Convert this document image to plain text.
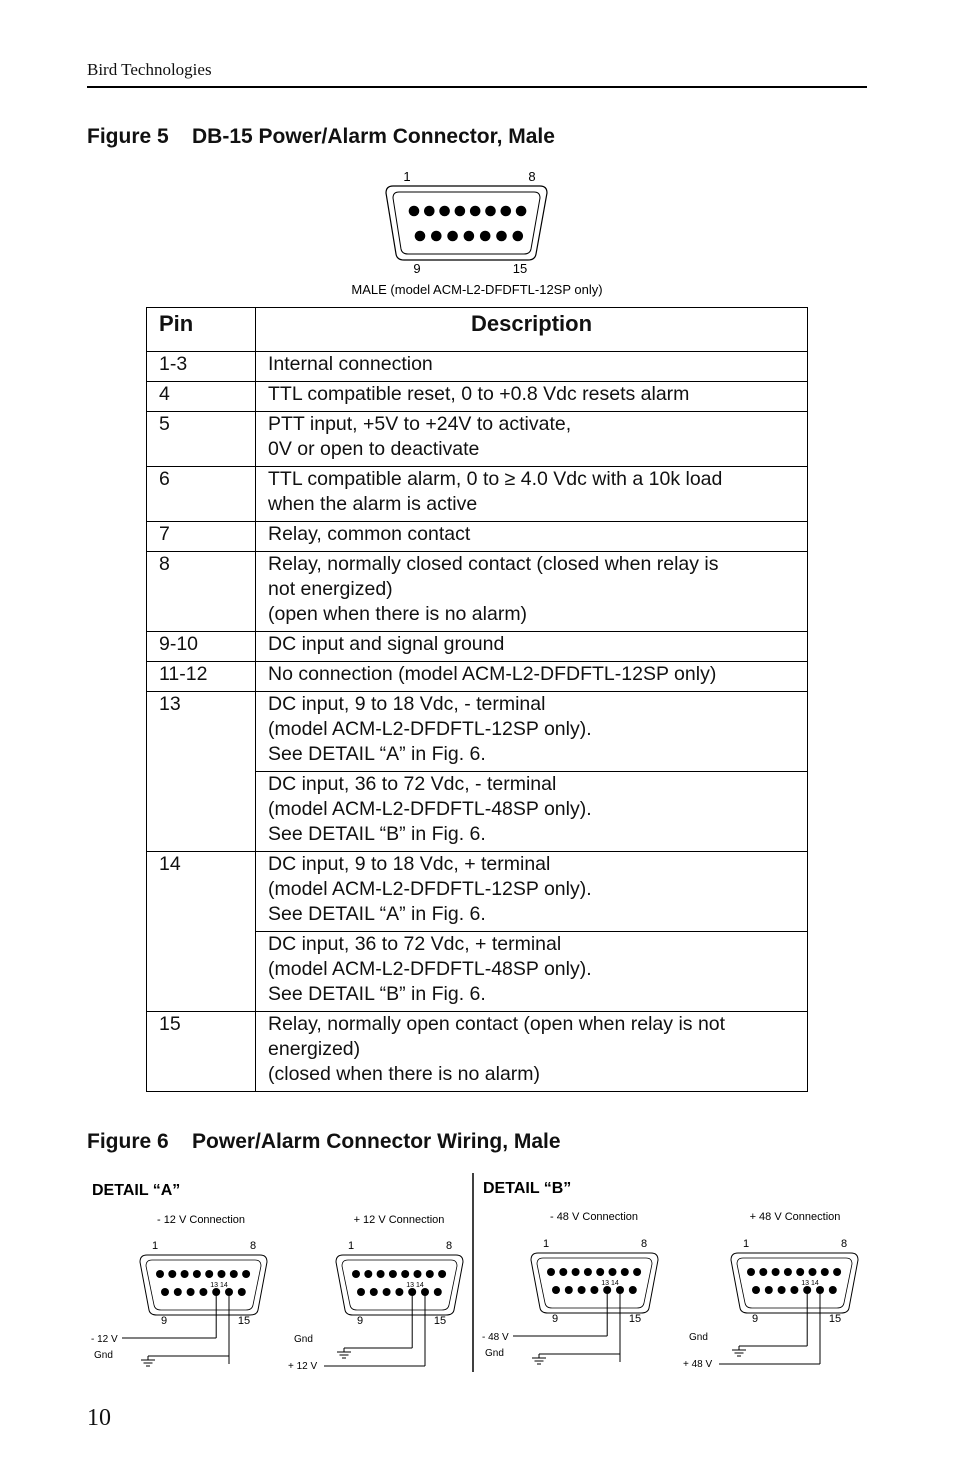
Bird Technologies
Figure 5    DB-15 Power/Alarm Connector, Male
1	8
9	15
MALE (model ACM-L2-DFDFTL-12SP only)
Pin	Description
1-3	Internal connection

4	TTL compatible reset, 0 to +0.8 Vdc resets alarm

5	PTT input, +5V to +24V to activate,
0V or open to deactivate

6	TTL compatible alarm, 0 to ≥ 4.0 Vdc with a 10k load
when the alarm is active

7	Relay, common contact

8	Relay, normally closed contact (closed when relay is
not energized)
(open when there is no alarm)

9-10	DC input and signal ground

11-12	No connection (model ACM-L2-DFDFTL-12SP only)

13	DC input, 9 to 18 Vdc, - terminal
(model ACM-L2-DFDFTL-12SP only).
See DETAIL “A” in Fig. 6.

	DC input, 36 to 72 Vdc, - terminal
(model ACM-L2-DFDFTL-48SP only).
See DETAIL “B” in Fig. 6.

14	DC input, 9 to 18 Vdc, + terminal
(model ACM-L2-DFDFTL-12SP only).
See DETAIL “A” in Fig. 6.

	DC input, 36 to 72 Vdc, + terminal
(model ACM-L2-DFDFTL-48SP only).
See DETAIL “B” in Fig. 6.

15	Relay, normally open contact (open when relay is not
energized)
(closed when there is no alarm)
Figure 6    Power/Alarm Connector Wiring, Male
DETAIL “A”	DETAIL “B”
- 12 V Connection
1	8
13 14
9	15
- 12 V
Gnd
+ 12 V Connection
1	8
13 14
9	15
Gnd
+ 12 V
- 48 V Connection
1	8
13 14
9	15
- 48 V
Gnd
+ 48 V Connection
1	8
13 14
9	15
Gnd
+ 48 V
10
